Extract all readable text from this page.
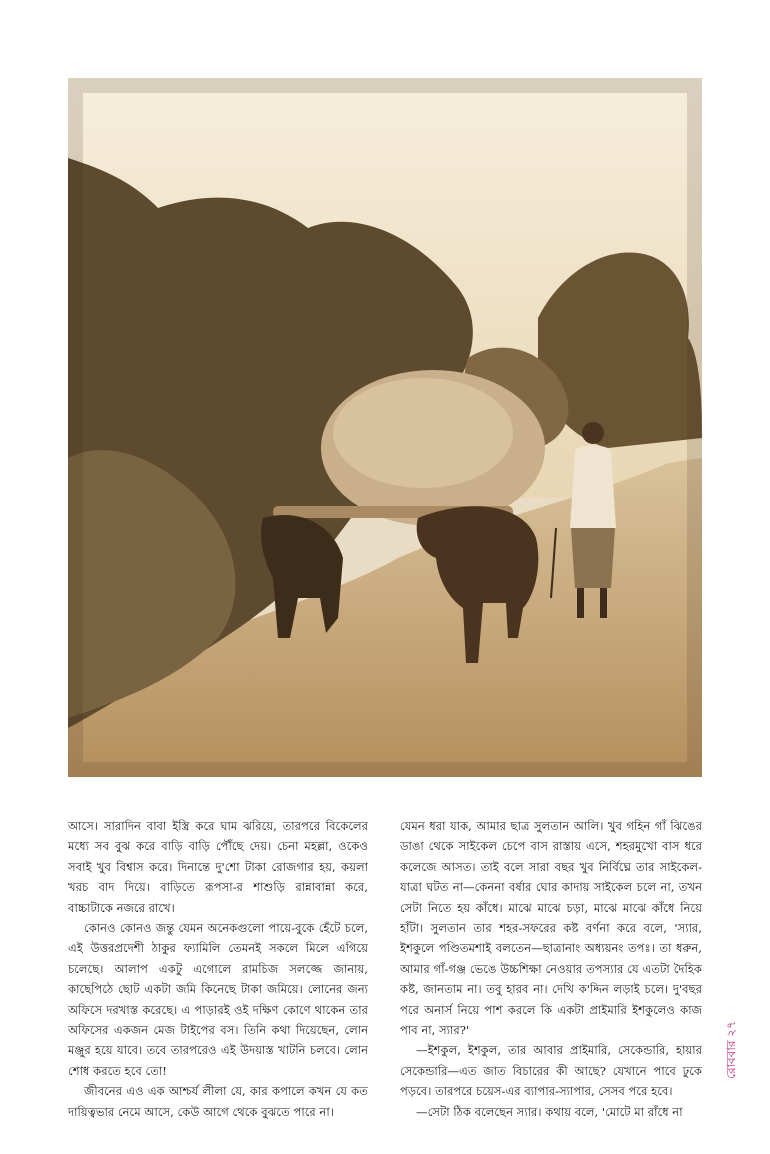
আসে। সারাদিন বাবা ইস্ত্রি করে ঘাম ঝরিয়ে, তারপরে বিকেলের মধ্যে সব বুঝ করে বাড়ি বাড়ি পৌঁছে দেয়। চেনা মহল্লা, ওকেও সবাই খুব বিশ্বাস করে। দিনান্তে দু'শো টাকা রোজগার হয়, কয়লা খরচ বাদ দিয়ে। বাড়িতে রূপসা-র শাশুড়ি রান্নাবান্না করে, বাচ্চাটাকে নজরে রাখে।

কোনও কোনও জন্তু যেমন অনেকগুলো পায়ে-বুকে হেঁটে চলে, এই উত্তরপ্রদেশী ঠাকুর ফ্যামিলি তেমনই সকলে মিলে এগিয়ে চলেছে। আলাপ একটু এগোলে রামচিজ সলজ্জে জানায়, কাছেপিঠে ছোট একটা জমি কিনেছে টাকা জমিয়ে। লোনের জন্য অফিসে দরখাস্ত করেছে। এ পাড়ারই ওই দক্ষিণ কোণে থাকেন তার অফিসের একজন মেজ টাইপের বস। তিনি কথা দিয়েছেন, লোন মঞ্জুর হয়ে যাবে। তবে তারপরেও এই উদয়াস্ত খাটনি চলবে। লোন শোধ করতে হবে তো!

জীবনের এও এক আশ্চর্য লীলা যে, কার কপালে কখন যে কত দায়িত্বভার নেমে আসে, কেউ আগে থেকে বুঝতে পারে না।

যেমন ধরা যাক, আমার ছাত্র সুলতান আলি। খুব গহিন গাঁ ঝিঙের ডাঙা থেকে সাইকেল চেপে বাস রাস্তায় এসে, শহরমুখো বাস ধরে কলেজে আসত। তাই বলে সারা বছর খুব নির্বিঘ্নে তার সাইকেল-যাত্রা ঘটত না—কেননা বর্ষার ঘোর কাদায় সাইকেল চলে না, তখন সেটা নিতে হয় কাঁধে। মাঝে মাঝে চড়া, মাঝে মাঝে কাঁধে নিয়ে হাঁটা। সুলতান তার শহর-সফরের কষ্ট বর্ণনা করে বলে, 'স্যার, ইশকুলে পণ্ডিতমশাই বলতেন—ছাত্রানাং অধ্যয়নং তপঃ। তা ধরুন, আমার গাঁ-গঞ্জ ভেঙে উচ্চশিক্ষা নেওয়ার তপস্যার যে এতটা দৈহিক কষ্ট, জানতাম না। তবু হারব না। দেখি ক'দ্দিন লড়াই চলে। দু'বছর পরে অনার্স নিয়ে পাশ করলে কি একটা প্রাইমারি ইশকুলেও কাজ পাব না, স্যার?'

—ইশকুল, ইশকুল, তার আবার প্রাইমারি, সেকেন্ডারি, হায়ার সেকেন্ডারি—এত জাত বিচারের কী আছে? যেখানে পাবে ঢুকে পড়বে। তারপরে চয়েস-এর ব্যাপার-স্যাপার, সেসব পরে হবে।

—সেটা ঠিক বলেছেন স্যার। কথায় বলে, 'মোটে মা রাঁধে না

রোববার ২৭
